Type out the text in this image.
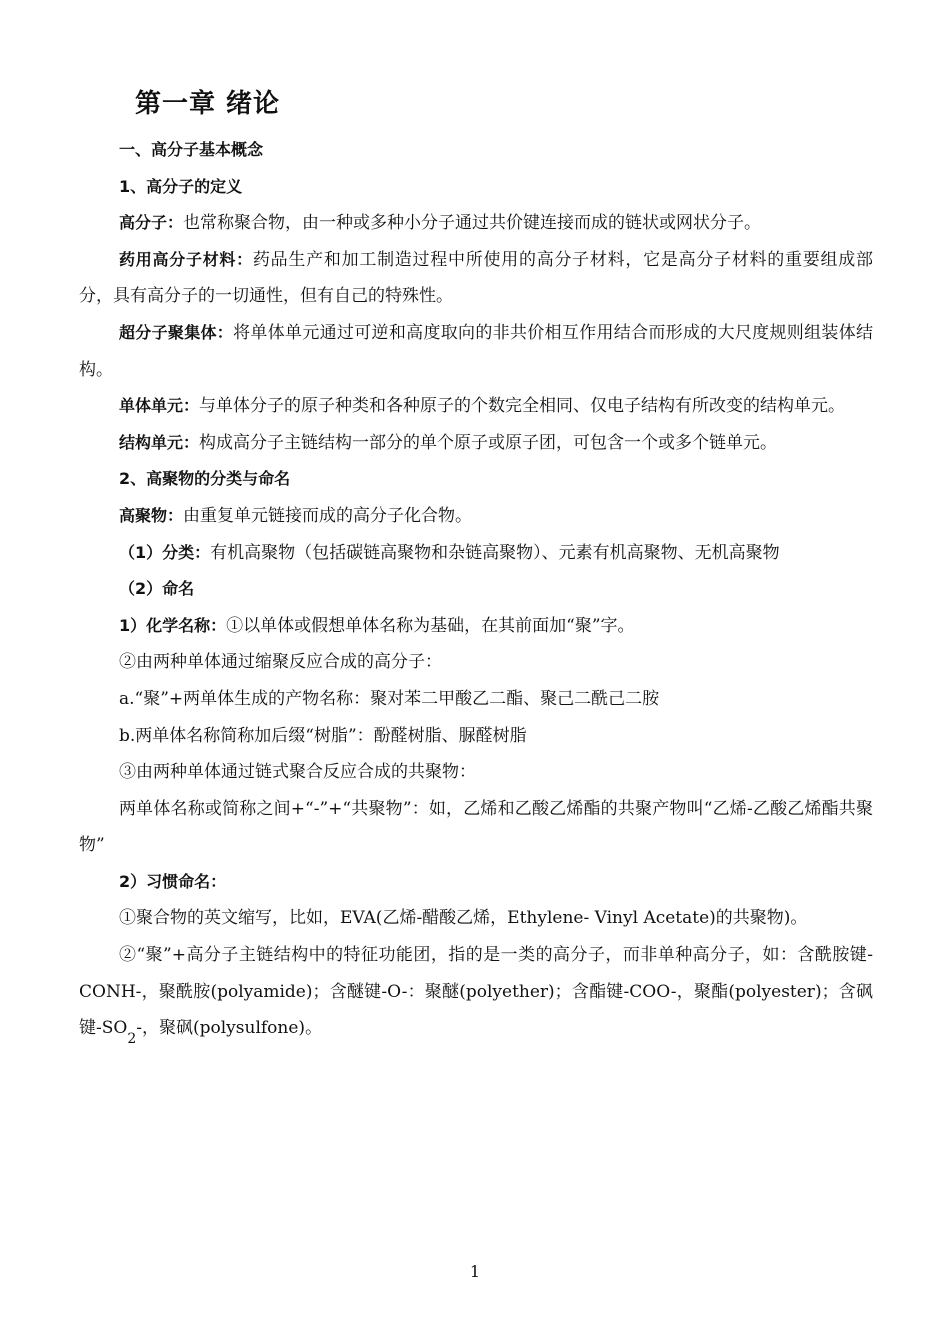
第一章 绪论

一、高分子基本概念

1、高分子的定义

高分子：也常称聚合物，由一种或多种小分子通过共价键连接而成的链状或网状分子。

药用高分子材料：药品生产和加工制造过程中所使用的高分子材料，它是高分子材料的重要组成部分，具有高分子的一切通性，但有自己的特殊性。

超分子聚集体：将单体单元通过可逆和高度取向的非共价相互作用结合而形成的大尺度规则组装体结构。

单体单元：与单体分子的原子种类和各种原子的个数完全相同、仅电子结构有所改变的结构单元。

结构单元：构成高分子主链结构一部分的单个原子或原子团，可包含一个或多个链单元。

2、高聚物的分类与命名

高聚物：由重复单元链接而成的高分子化合物。

（1）分类：有机高聚物（包括碳链高聚物和杂链高聚物）、元素有机高聚物、无机高聚物

（2）命名

1）化学名称：①以单体或假想单体名称为基础，在其前面加“聚”字。

②由两种单体通过缩聚反应合成的高分子：

a.“聚”+两单体生成的产物名称：聚对苯二甲酸乙二酯、聚己二酰己二胺

b.两单体名称简称加后缀“树脂”：酚醛树脂、脲醛树脂

③由两种单体通过链式聚合反应合成的共聚物：

两单体名称或简称之间+“-”+“共聚物”：如，乙烯和乙酸乙烯酯的共聚产物叫“乙烯-乙酸乙烯酯共聚物”

2）习惯命名：

①聚合物的英文缩写，比如，EVA(乙烯-醋酸乙烯，Ethylene- Vinyl Acetate)的共聚物)。

②“聚”+高分子主链结构中的特征功能团，指的是一类的高分子，而非单种高分子，如：含酰胺键-CONH-，聚酰胺(polyamide)；含醚键-O-：聚醚(polyether)；含酯键-COO-，聚酯(polyester)；含砜键$-SO_2-$，聚砜(polysulfone)。

1
